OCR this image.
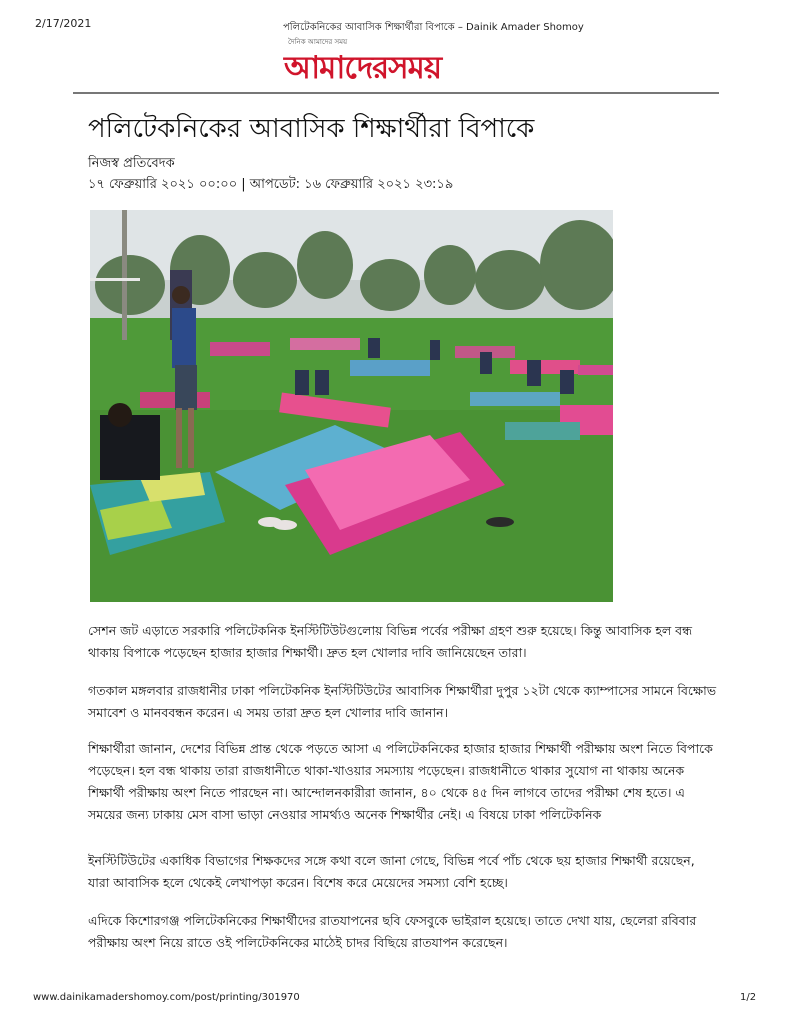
2/17/2021	পলিটেকনিকের আবাসিক শিক্ষার্থীরা বিপাকে – Dainik Amader Shomoy
দৈনিক আমাদের সময়
আমাদেরসময়
পলিটেকনিকের আবাসিক শিক্ষার্থীরা বিপাকে
নিজস্ব প্রতিবেদক
১৭ ফেব্রুয়ারি ২০২১ ০০:০০ | আপডেট: ১৬ ফেব্রুয়ারি ২০২১ ২৩:১৯

সেশন জট এড়াতে সরকারি পলিটেকনিক ইনস্টিটিউটগুলোয় বিভিন্ন পর্বের পরীক্ষা গ্রহণ শুরু হয়েছে। কিন্তু আবাসিক হল বন্ধ থাকায় বিপাকে পড়েছেন হাজার হাজার শিক্ষার্থী। দ্রুত হল খোলার দাবি জানিয়েছেন তারা।

গতকাল মঙ্গলবার রাজধানীর ঢাকা পলিটেকনিক ইনস্টিটিউটের আবাসিক শিক্ষার্থীরা দুপুর ১২টা থেকে ক্যাম্পাসের সামনে বিক্ষোভ সমাবেশ ও মানববন্ধন করেন। এ সময় তারা দ্রুত হল খোলার দাবি জানান।

শিক্ষার্থীরা জানান, দেশের বিভিন্ন প্রান্ত থেকে পড়তে আসা এ পলিটেকনিকের হাজার হাজার শিক্ষার্থী পরীক্ষায় অংশ নিতে বিপাকে পড়েছেন। হল বন্ধ থাকায় তারা রাজধানীতে থাকা-খাওয়ার সমস্যায় পড়েছেন। রাজধানীতে থাকার সুযোগ না থাকায় অনেক শিক্ষার্থী পরীক্ষায় অংশ নিতে পারছেন না। আন্দোলনকারীরা জানান, ৪০ থেকে ৪৫ দিন লাগবে তাদের পরীক্ষা শেষ হতে। এ সময়ের জন্য ঢাকায় মেস বাসা ভাড়া নেওয়ার সামর্থ্যও অনেক শিক্ষার্থীর নেই। এ বিষয়ে ঢাকা পলিটেকনিক

ইনস্টিটিউটের একাধিক বিভাগের শিক্ষকদের সঙ্গে কথা বলে জানা গেছে, বিভিন্ন পর্বে পাঁচ থেকে ছয় হাজার শিক্ষার্থী রয়েছেন, যারা আবাসিক হলে থেকেই লেখাপড়া করেন। বিশেষ করে মেয়েদের সমস্যা বেশি হচ্ছে।

এদিকে কিশোরগঞ্জ পলিটেকনিকের শিক্ষার্থীদের রাতযাপনের ছবি ফেসবুকে ভাইরাল হয়েছে। তাতে দেখা যায়, ছেলেরা রবিবার পরীক্ষায় অংশ নিয়ে রাতে ওই পলিটেকনিকের মাঠেই চাদর বিছিয়ে রাতযাপন করেছেন।

www.dainikamadershomoy.com/post/printing/301970	1/2
